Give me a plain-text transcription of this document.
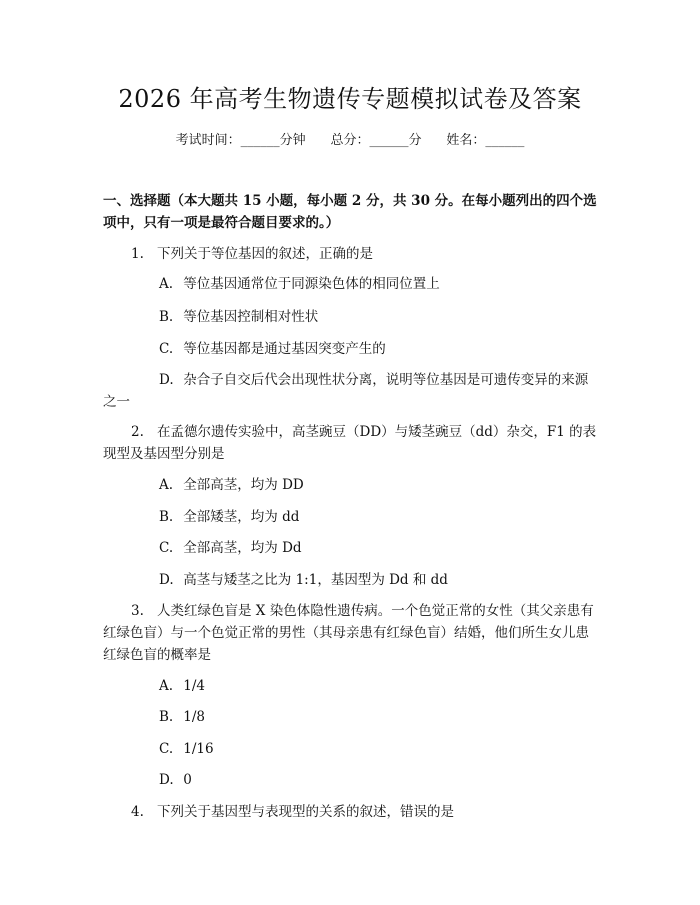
2026 年高考生物遗传专题模拟试卷及答案
考试时间：______分钟 总分：______分 姓名：______
一、选择题（本大题共 15 小题，每小题 2 分，共 30 分。在每小题列出的四个选项中，只有一项是最符合题目要求的。）
1. 下列关于等位基因的叙述，正确的是
A. 等位基因通常位于同源染色体的相同位置上
B. 等位基因控制相对性状
C. 等位基因都是通过基因突变产生的
D. 杂合子自交后代会出现性状分离，说明等位基因是可遗传变异的来源之一
2. 在孟德尔遗传实验中，高茎豌豆（DD）与矮茎豌豆（dd）杂交，F1 的表现型及基因型分别是
A. 全部高茎，均为 DD
B. 全部矮茎，均为 dd
C. 全部高茎，均为 Dd
D. 高茎与矮茎之比为 1:1，基因型为 Dd 和 dd
3. 人类红绿色盲是 X 染色体隐性遗传病。一个色觉正常的女性（其父亲患有红绿色盲）与一个色觉正常的男性（其母亲患有红绿色盲）结婚，他们所生女儿患红绿色盲的概率是
A. 1/4
B. 1/8
C. 1/16
D. 0
4. 下列关于基因型与表现型的关系的叙述，错误的是
